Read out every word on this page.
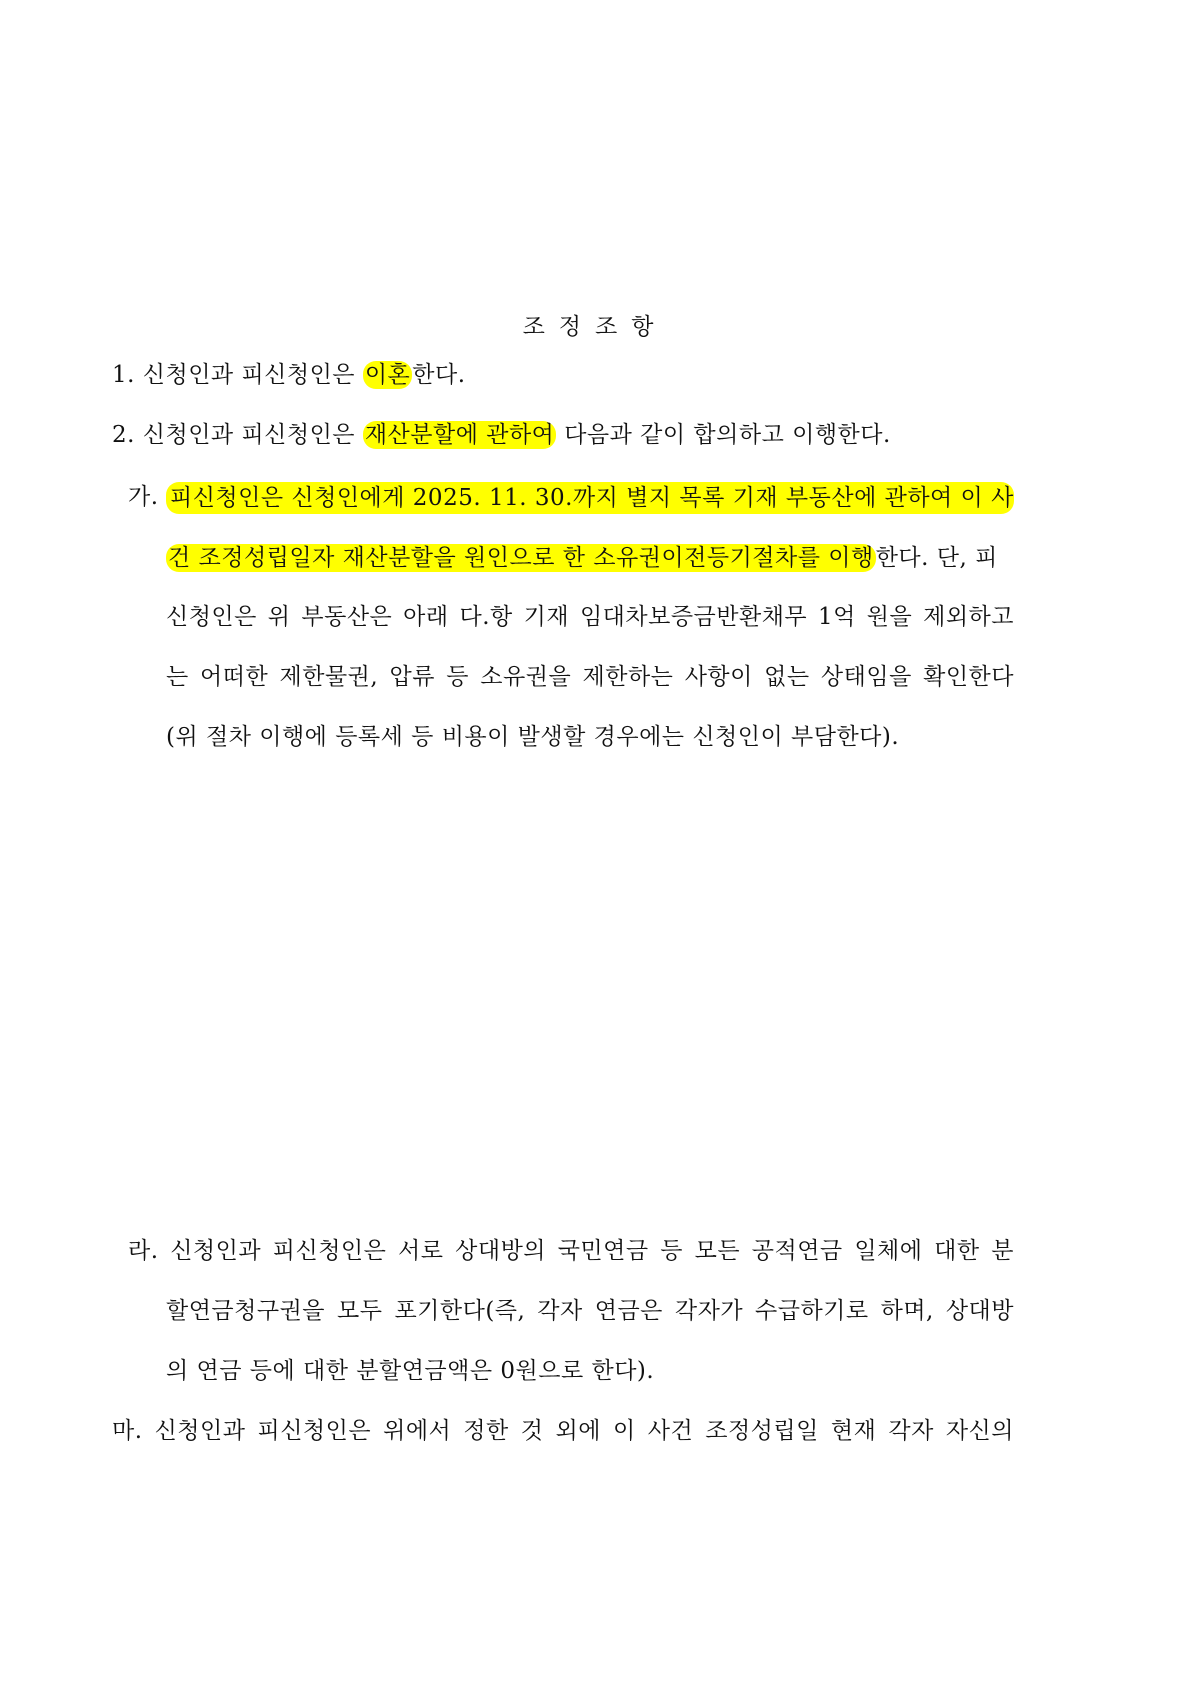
조정조항
1. 신청인과 피신청인은 이혼한다.
2. 신청인과 피신청인은 재산분할에 관하여 다음과 같이 합의하고 이행한다.
가. 피신청인은 신청인에게 2025. 11. 30.까지 별지 목록 기재 부동산에 관하여 이 사
건 조정성립일자 재산분할을 원인으로 한 소유권이전등기절차를 이행한다. 단, 피
신청인은 위 부동산은 아래 다.항 기재 임대차보증금반환채무 1억 원을 제외하고
는 어떠한 제한물권, 압류 등 소유권을 제한하는 사항이 없는 상태임을 확인한다
(위 절차 이행에 등록세 등 비용이 발생할 경우에는 신청인이 부담한다).
라. 신청인과 피신청인은 서로 상대방의 국민연금 등 모든 공적연금 일체에 대한 분
할연금청구권을 모두 포기한다(즉, 각자 연금은 각자가 수급하기로 하며, 상대방
의 연금 등에 대한 분할연금액은 0원으로 한다).
마. 신청인과 피신청인은 위에서 정한 것 외에 이 사건 조정성립일 현재 각자 자신의
